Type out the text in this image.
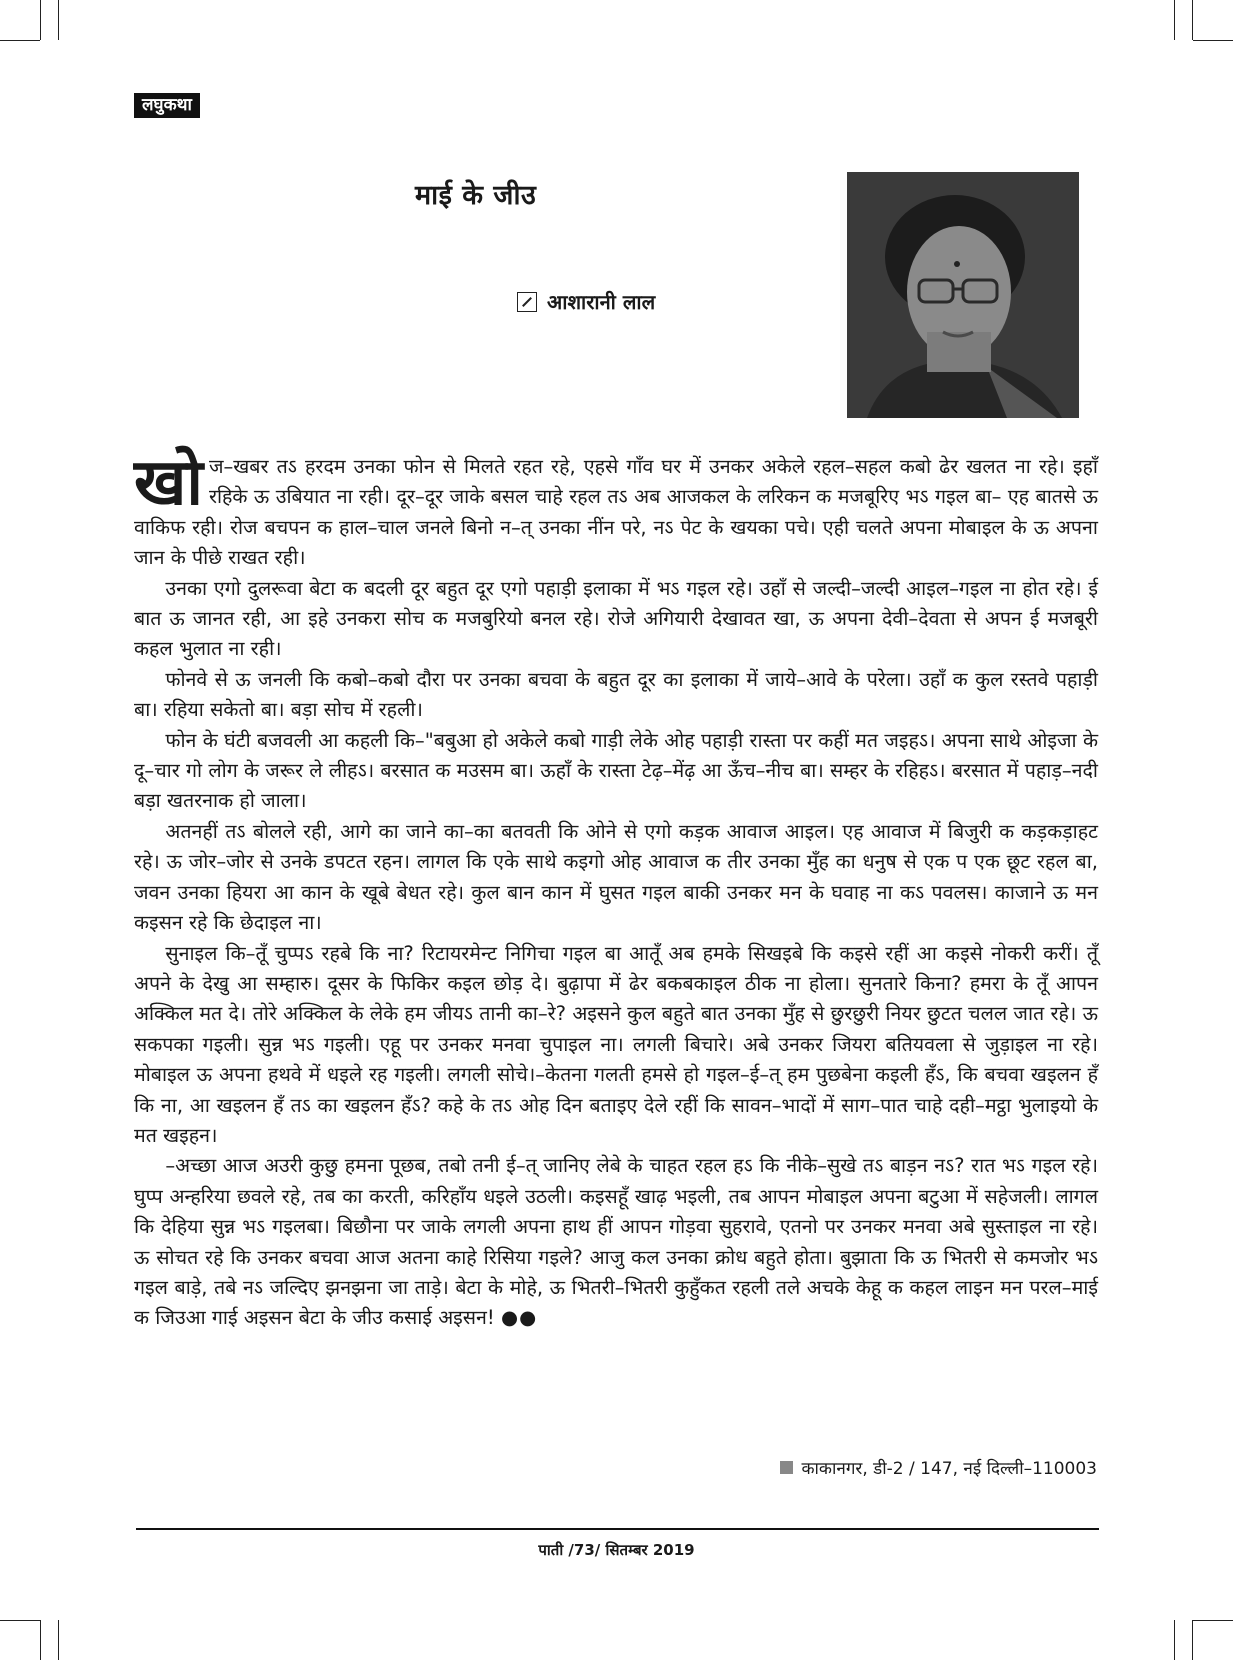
लघुकथा
माई के जीउ
आशारानी लाल

खोज–खबर तऽ हरदम उनका फोन से मिलते रहत रहे, एहसे गाँव घर में उनकर अकेले रहल–सहल कबो ढेर खलत ना रहे। इहाँ रहिके ऊ उबियात ना रही। दूर–दूर जाके बसल चाहे रहल तऽ अब आजकल के लरिकन क मजबूरिए भऽ गइल बा– एह बातसे ऊ वाकिफ रही। रोज बचपन क हाल–चाल जनले बिनो न–त् उनका नींन परे, नऽ पेट के खयका पचे। एही चलते अपना मोबाइल के ऊ अपना जान के पीछे राखत रही।

उनका एगो दुलरूवा बेटा क बदली दूर बहुत दूर एगो पहाड़ी इलाका में भऽ गइल रहे। उहाँ से जल्दी–जल्दी आइल–गइल ना होत रहे। ई बात ऊ जानत रही, आ इहे उनकरा सोच क मजबुरियो बनल रहे। रोजे अगियारी देखावत खा, ऊ अपना देवी–देवता से अपन ई मजबूरी कहल भुलात ना रही।

फोनवे से ऊ जनली कि कबो–कबो दौरा पर उनका बचवा के बहुत दूर का इलाका में जाये–आवे के परेला। उहाँ क कुल रस्तवे पहाड़ी बा। रहिया सकेतो बा। बड़ा सोच में रहली।

फोन के घंटी बजवली आ कहली कि–"बबुआ हो अकेले कबो गाड़ी लेके ओह पहाड़ी रास्ता पर कहीं मत जइहऽ। अपना साथे ओइजा के दू–चार गो लोग के जरूर ले लीहऽ। बरसात क मउसम बा। ऊहाँ के रास्ता टेढ़–मेंढ़ आ ऊँच–नीच बा। सम्हर के रहिहऽ। बरसात में पहाड़–नदी बड़ा खतरनाक हो जाला।

अतनहीं तऽ बोलले रही, आगे का जाने का–का बतवती कि ओने से एगो कड़क आवाज आइल। एह आवाज में बिजुरी क कड़कड़ाहट रहे। ऊ जोर–जोर से उनके डपटत रहन। लागल कि एके साथे कइगो ओह आवाज क तीर उनका मुँह का धनुष से एक प एक छूट रहल बा, जवन उनका हियरा आ कान के खूबे बेधत रहे। कुल बान कान में घुसत गइल बाकी उनकर मन के घवाह ना कऽ पवलस। काजाने ऊ मन कइसन रहे कि छेदाइल ना।

सुनाइल कि–तूँ चुप्पऽ रहबे कि ना? रिटायरमेन्ट निगिचा गइल बा आतूँ अब हमके सिखइबे कि कइसे रहीं आ कइसे नोकरी करीं। तूँ अपने के देखु आ सम्हारु। दूसर के फिकिर कइल छोड़ दे। बुढ़ापा में ढेर बकबकाइल ठीक ना होला। सुनतारे किना? हमरा के तूँ आपन अक्किल मत दे। तोरे अक्किल के लेके हम जीयऽ तानी का–रे? अइसने कुल बहुते बात उनका मुँह से छुरछुरी नियर छुटत चलल जात रहे। ऊ सकपका गइली। सुन्न भऽ गइली। एहू पर उनकर मनवा चुपाइल ना। लगली बिचारे। अबे उनकर जियरा बतियवला से जुड़ाइल ना रहे। मोबाइल ऊ अपना हथवे में धइले रह गइली। लगली सोचे।–केतना गलती हमसे हो गइल–ई–त् हम पुछबेना कइली हँऽ, कि बचवा खइलन हँ कि ना, आ खइलन हँ तऽ का खइलन हँऽ? कहे के तऽ ओह दिन बताइए देले रहीं कि सावन–भादों में साग–पात चाहे दही–मट्ठा भुलाइयो के मत खइहन।

–अच्छा आज अउरी कुछु हमना पूछब, तबो तनी ई–त् जानिए लेबे के चाहत रहल हऽ कि नीके–सुखे तऽ बाड़न नऽ? रात भऽ गइल रहे। घुप्प अन्हरिया छवले रहे, तब का करती, करिहाँय धइले उठली। कइसहूँ खाढ़ भइली, तब आपन मोबाइल अपना बटुआ में सहेजली। लागल कि देहिया सुन्न भऽ गइलबा। बिछौना पर जाके लगली अपना हाथ हीं आपन गोड़वा सुहरावे, एतनो पर उनकर मनवा अबे सुस्ताइल ना रहे। ऊ सोचत रहे कि उनकर बचवा आज अतना काहे रिसिया गइले? आजु कल उनका क्रोध बहुते होता। बुझाता कि ऊ भितरी से कमजोर भऽ गइल बाड़े, तबे नऽ जल्दिए झनझना जा ताड़े। बेटा के मोहे, ऊ भितरी–भितरी कुहुँकत रहली तले अचके केहू क कहल लाइन मन परल–माई क जिउआ गाई अइसन बेटा के जीउ कसाई अइसन! ●●

काकानगर, डी-2 / 147, नई दिल्ली–110003
पाती /73/ सितम्बर 2019
